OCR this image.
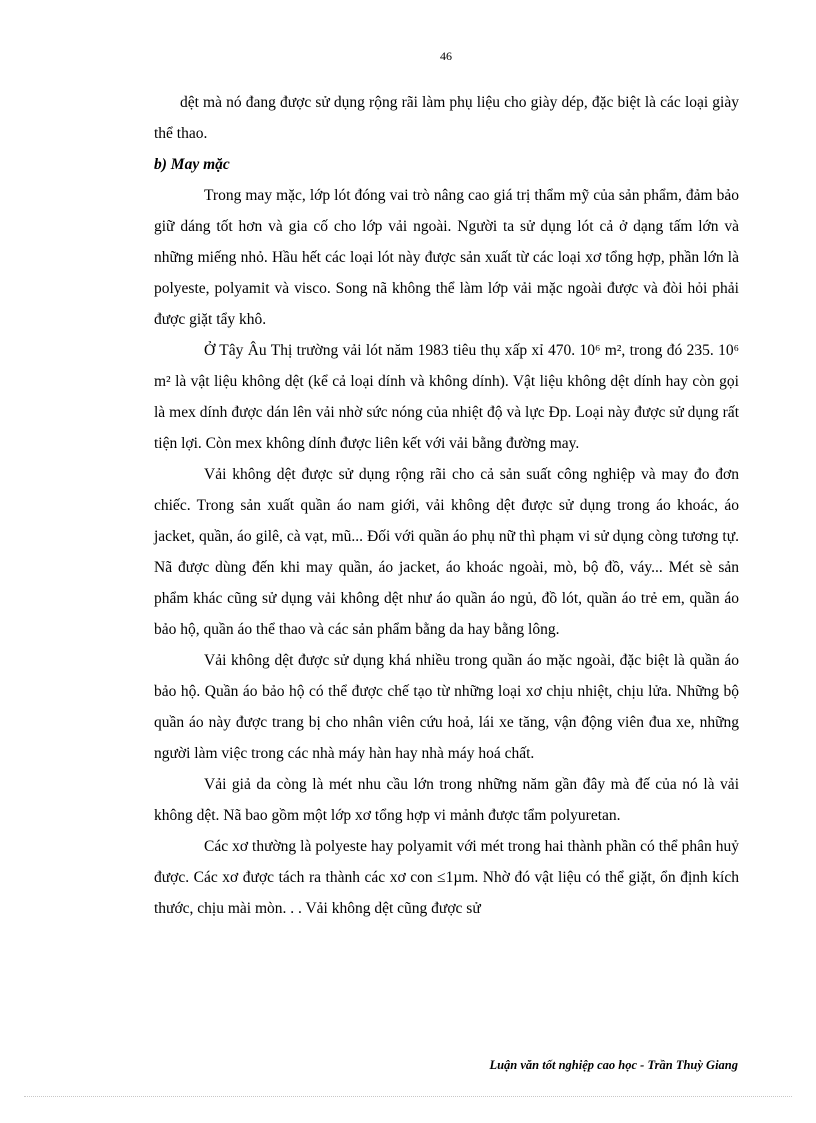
46

dệt mà nó đang được sử dụng rộng rãi làm phụ liệu cho giày dép, đặc biệt là các loại giày thể thao.

b) May mặc

Trong may mặc, lớp lót đóng vai trò nâng cao giá trị thẩm mỹ của sản phẩm, đảm bảo giữ dáng tốt hơn và gia cố cho lớp vải ngoài. Người ta sử dụng lót cả ở dạng tấm lớn và những miếng nhỏ. Hầu hết các loại lót này được sản xuất từ các loại xơ tổng hợp, phần lớn là polyeste, polyamit và visco. Song nã không thể làm lớp vải mặc ngoài được và đòi hỏi phải được giặt tẩy khô.

Ở Tây Âu Thị trường vải lót năm 1983 tiêu thụ xấp xỉ 470. 10⁶ m², trong đó 235. 10⁶ m² là vật liệu không dệt (kể cả loại dính và không dính). Vật liệu không dệt dính hay còn gọi là mex dính được dán lên vải nhờ sức nóng của nhiệt độ và lực Ðp. Loại này được sử dụng rất tiện lợi. Còn mex không dính được liên kết với vải bằng đường may.

Vải không dệt được sử dụng rộng rãi cho cả sản suất công nghiệp và may đo đơn chiếc. Trong sản xuất quần áo nam giới, vải không dệt được sử dụng trong áo khoác, áo jacket, quần, áo gilê, cà vạt, mũ... Đối với quần áo phụ nữ thì phạm vi sử dụng còng tương tự. Nã được dùng đến khi may quần, áo jacket, áo khoác ngoài, mò, bộ đồ, váy... Mét sè sản phẩm khác cũng sử dụng vải không dệt như áo quần áo ngủ, đồ lót, quần áo trẻ em, quần áo bảo hộ, quần áo thể thao và các sản phẩm bằng da hay bằng lông.

Vải không dệt được sử dụng khá nhiều trong quần áo mặc ngoài, đặc biệt là quần áo bảo hộ. Quần áo bảo hộ có thể được chế tạo từ những loại xơ chịu nhiệt, chịu lửa. Những bộ quần áo này được trang bị cho nhân viên cứu hoả, lái xe tăng, vận động viên đua xe, những người làm việc trong các nhà máy hàn hay nhà máy hoá chất.

Vải giả da còng là mét nhu cầu lớn trong những năm gần đây mà đế của nó là vải không dệt. Nã bao gồm một lớp xơ tổng hợp vi mảnh được tẩm polyuretan.

Các xơ thường là polyeste hay polyamit với mét trong hai thành phần có thể phân huỷ được. Các xơ được tách ra thành các xơ con ≤1µm. Nhờ đó vật liệu có thể giặt, ổn định kích thước, chịu mài mòn. . . Vải không dệt cũng được sử

Luận văn tốt nghiệp cao học - Trần Thuỳ Giang
